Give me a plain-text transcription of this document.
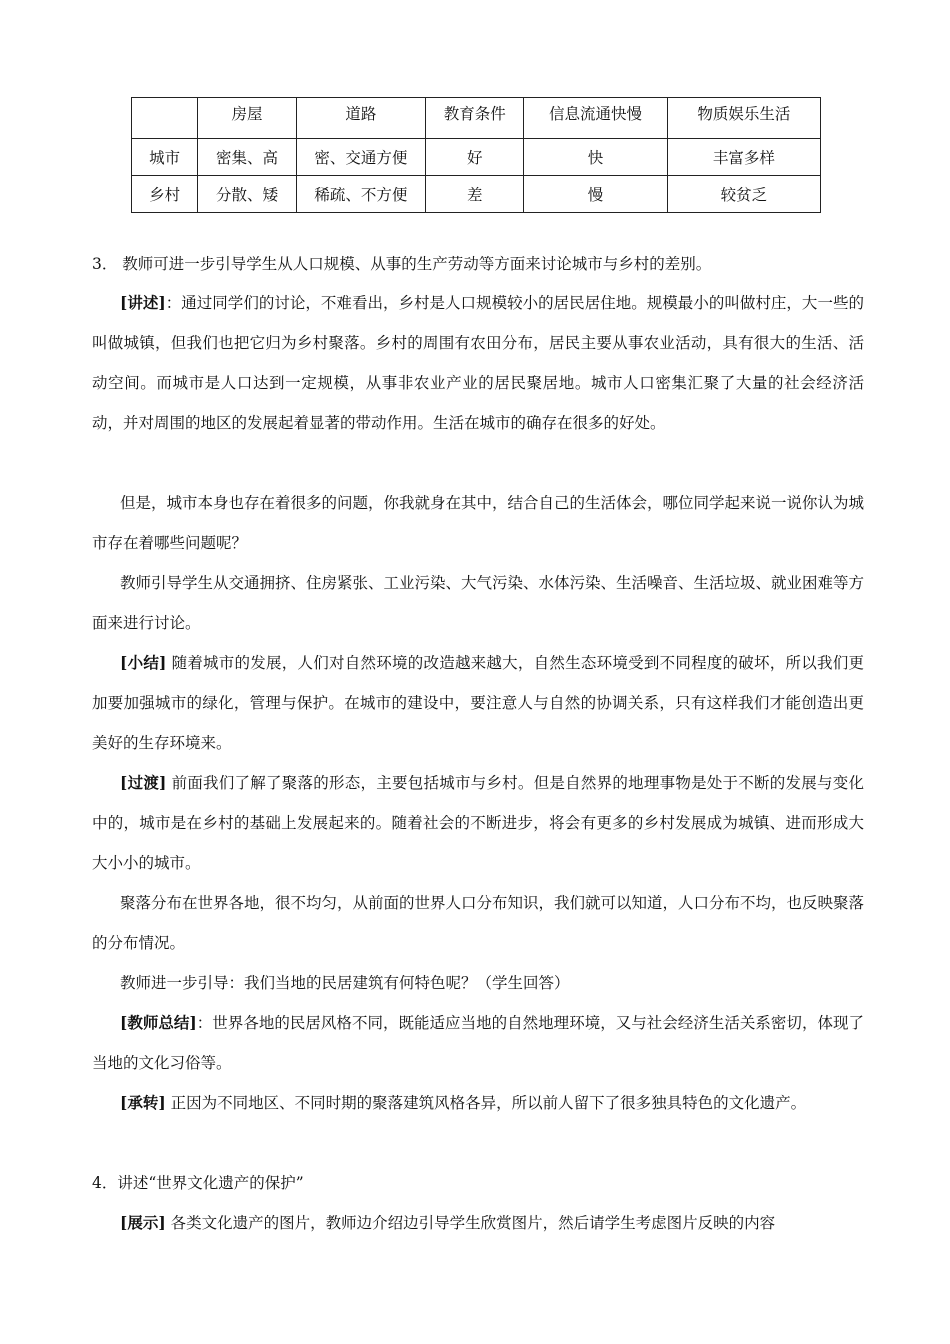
	房屋	道路	教育条件	信息流通快慢	物质娱乐生活
城市	密集、高	密、交通方便	好	快	丰富多样
乡村	分散、矮	稀疏、不方便	差	慢	较贫乏
3． 教师可进一步引导学生从人口规模、从事的生产劳动等方面来讨论城市与乡村的差别。
[讲述]：通过同学们的讨论，不难看出，乡村是人口规模较小的居民居住地。规模最小的叫做村庄，大一些的叫做城镇，但我们也把它归为乡村聚落。乡村的周围有农田分布，居民主要从事农业活动，具有很大的生活、活动空间。而城市是人口达到一定规模，从事非农业产业的居民聚居地。城市人口密集汇聚了大量的社会经济活动，并对周围的地区的发展起着显著的带动作用。生活在城市的确存在很多的好处。
但是，城市本身也存在着很多的问题，你我就身在其中，结合自己的生活体会，哪位同学起来说一说你认为城市存在着哪些问题呢？
教师引导学生从交通拥挤、住房紧张、工业污染、大气污染、水体污染、生活噪音、生活垃圾、就业困难等方面来进行讨论。
[小结] 随着城市的发展，人们对自然环境的改造越来越大，自然生态环境受到不同程度的破坏，所以我们更加要加强城市的绿化，管理与保护。在城市的建设中，要注意人与自然的协调关系，只有这样我们才能创造出更美好的生存环境来。
[过渡] 前面我们了解了聚落的形态，主要包括城市与乡村。但是自然界的地理事物是处于不断的发展与变化中的，城市是在乡村的基础上发展起来的。随着社会的不断进步，将会有更多的乡村发展成为城镇、进而形成大大小小的城市。
聚落分布在世界各地，很不均匀，从前面的世界人口分布知识，我们就可以知道，人口分布不均，也反映聚落的分布情况。
教师进一步引导：我们当地的民居建筑有何特色呢？（学生回答）
[教师总结]：世界各地的民居风格不同，既能适应当地的自然地理环境，又与社会经济生活关系密切，体现了当地的文化习俗等。
[承转] 正因为不同地区、不同时期的聚落建筑风格各异，所以前人留下了很多独具特色的文化遗产。
4．讲述“世界文化遗产的保护”
[展示] 各类文化遗产的图片，教师边介绍边引导学生欣赏图片，然后请学生考虑图片反映的内容
